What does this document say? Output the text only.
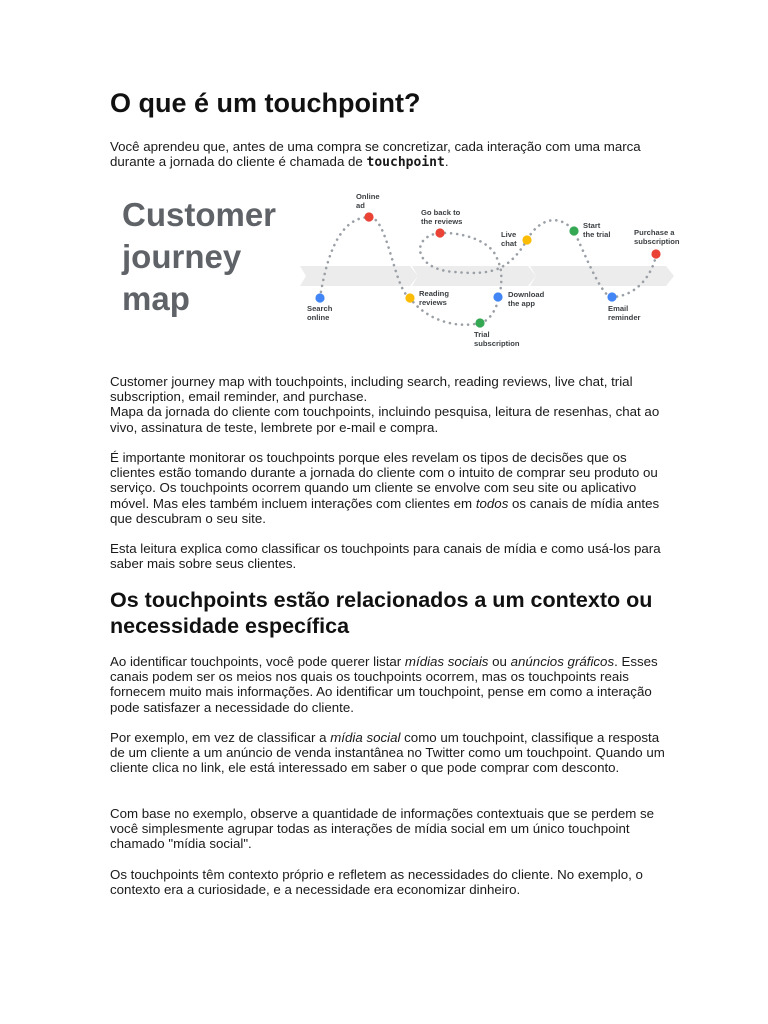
O que é um touchpoint?

Você aprendeu que, antes de uma compra se concretizar, cada interação com uma marca durante a jornada do cliente é chamada de touchpoint.

Customer
journey
map	Search
online
Online
ad
Reading
reviews
Trial
subscription
Go back to
the reviews
Download
the app
Live
chat
Start
the trial
Email
reminder
Purchase a
subscription

Customer journey map with touchpoints, including search, reading reviews, live chat, trial subscription, email reminder, and purchase.
Mapa da jornada do cliente com touchpoints, incluindo pesquisa, leitura de resenhas, chat ao vivo, assinatura de teste, lembrete por e-mail e compra.

É importante monitorar os touchpoints porque eles revelam os tipos de decisões que os clientes estão tomando durante a jornada do cliente com o intuito de comprar seu produto ou serviço. Os touchpoints ocorrem quando um cliente se envolve com seu site ou aplicativo móvel. Mas eles também incluem interações com clientes em todos os canais de mídia antes que descubram o seu site.

Esta leitura explica como classificar os touchpoints para canais de mídia e como usá-los para saber mais sobre seus clientes.

Os touchpoints estão relacionados a um contexto ou necessidade específica

Ao identificar touchpoints, você pode querer listar mídias sociais ou anúncios gráficos. Esses canais podem ser os meios nos quais os touchpoints ocorrem, mas os touchpoints reais fornecem muito mais informações. Ao identificar um touchpoint, pense em como a interação pode satisfazer a necessidade do cliente.

Por exemplo, em vez de classificar a mídia social como um touchpoint, classifique a resposta de um cliente a um anúncio de venda instantânea no Twitter como um touchpoint. Quando um cliente clica no link, ele está interessado em saber o que pode comprar com desconto.

Com base no exemplo, observe a quantidade de informações contextuais que se perdem se você simplesmente agrupar todas as interações de mídia social em um único touchpoint chamado "mídia social".

Os touchpoints têm contexto próprio e refletem as necessidades do cliente. No exemplo, o contexto era a curiosidade, e a necessidade era economizar dinheiro.
